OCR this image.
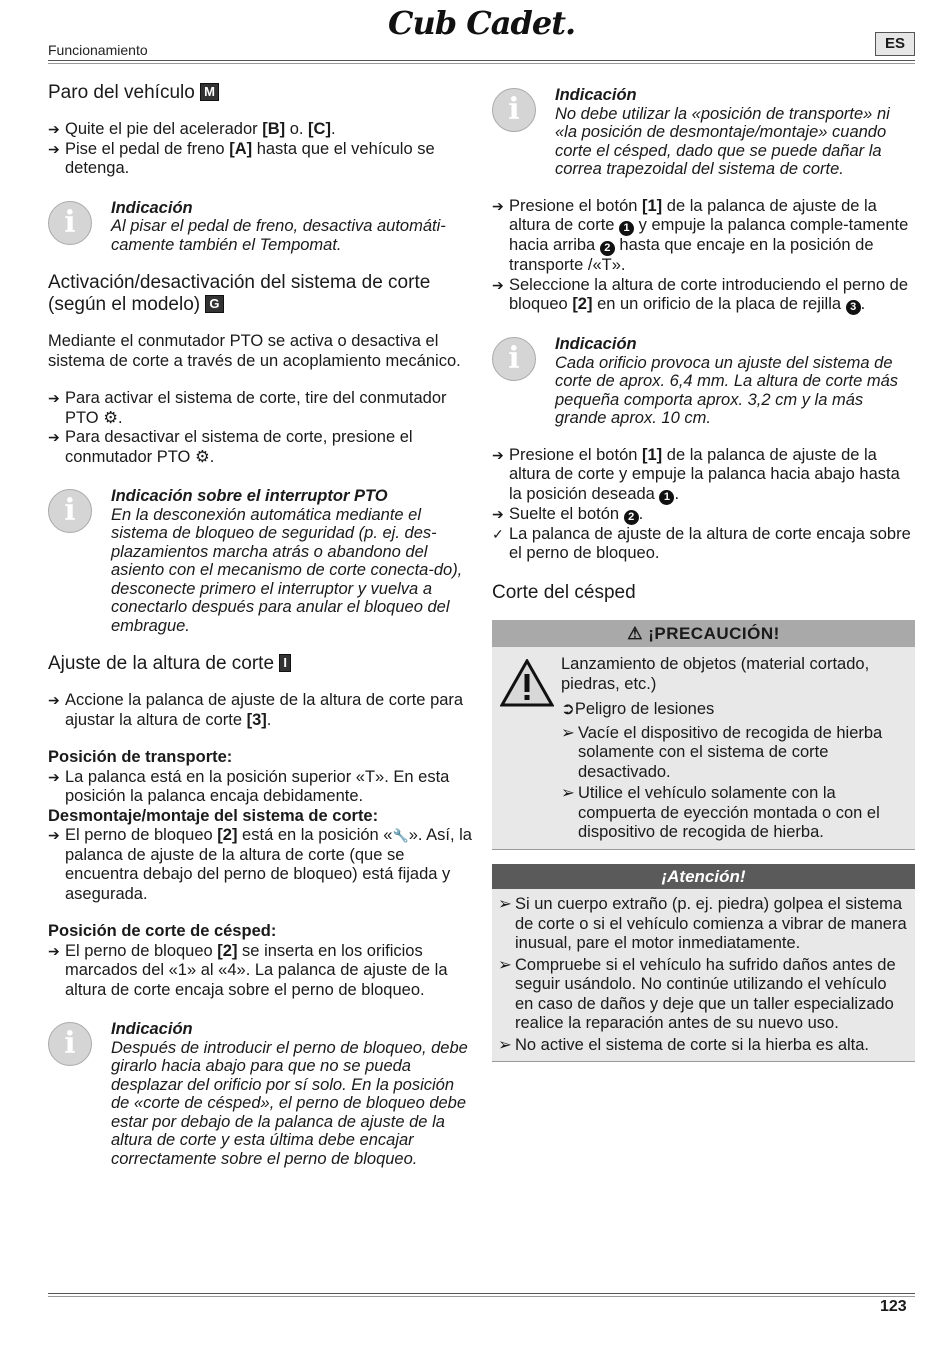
Cub Cadet.
Funcionamiento	ES
Paro del vehículo M
➔ Quite el pie del acelerador [B] o. [C].
➔ Pise el pedal de freno [A] hasta que el vehículo se detenga.
i	Indicación
Al pisar el pedal de freno, desactiva automáti-camente también el Tempomat.
Activación/desactivación del sistema de corte (según el modelo) G

Mediante el conmutador PTO se activa o desactiva el sistema de corte a través de un acoplamiento mecánico.

➔ Para activar el sistema de corte, tire del conmutador PTO ⚙.
➔ Para desactivar el sistema de corte, presione el conmutador PTO ⚙.
i	Indicación sobre el interruptor PTO
En la desconexión automática mediante el sistema de bloqueo de seguridad (p. ej. des-plazamientos marcha atrás o abandono del asiento con el mecanismo de corte conecta-do), desconecte primero el interruptor y vuelva a conectarlo después para anular el bloqueo del embrague.
Ajuste de la altura de corte I
➔ Accione la palanca de ajuste de la altura de corte para ajustar la altura de corte [3].
Posición de transporte:
➔ La palanca está en la posición superior «T». En esta posición la palanca encaja debidamente.
Desmontaje/montaje del sistema de corte:
➔ El perno de bloqueo [2] está en la posición «🔧». Así, la palanca de ajuste de la altura de corte (que se encuentra debajo del perno de bloqueo) está fijada y asegurada.
Posición de corte de césped:
➔ El perno de bloqueo [2] se inserta en los orificios marcados del «1» al «4». La palanca de ajuste de la altura de corte encaja sobre el perno de bloqueo.
i	Indicación
Después de introducir el perno de bloqueo, debe girarlo hacia abajo para que no se pueda desplazar del orificio por sí solo. En la posición de «corte de césped», el perno de bloqueo debe estar por debajo de la palanca de ajuste de la altura de corte y esta última debe encajar correctamente sobre el perno de bloqueo.
i	Indicación
No debe utilizar la «posición de transporte» ni «la posición de desmontaje/montaje» cuando corte el césped, dado que se puede dañar la correa trapezoidal del sistema de corte.
➔ Presione el botón [1] de la palanca de ajuste de la altura de corte 1 y empuje la palanca comple-tamente hacia arriba 2 hasta que encaje en la posición de transporte /«T».
➔ Seleccione la altura de corte introduciendo el perno de bloqueo [2] en un orificio de la placa de rejilla 3 .
i	Indicación
Cada orificio provoca un ajuste del sistema de corte de aprox. 6,4 mm. La altura de corte más pequeña comporta aprox. 3,2 cm y la más grande aprox. 10 cm.
➔ Presione el botón [1] de la palanca de ajuste de la altura de corte y empuje la palanca hacia abajo hasta la posición deseada 1 .
➔ Suelte el botón 2 .
✓ La palanca de ajuste de la altura de corte encaja sobre el perno de bloqueo.
Corte del césped
⚠ ¡PRECAUCIÓN!
Lanzamiento de objetos (material cortado, piedras, etc.)
➲Peligro de lesiones
➢ Vacíe el dispositivo de recogida de hierba solamente con el sistema de corte desactivado.
➢ Utilice el vehículo solamente con la compuerta de eyección montada o con el dispositivo de recogida de hierba.
¡Atención!
➢ Si un cuerpo extraño (p. ej. piedra) golpea el sistema de corte o si el vehículo comienza a vibrar de manera inusual, pare el motor inmediatamente.
➢ Compruebe si el vehículo ha sufrido daños antes de seguir usándolo. No continúe utilizando el vehículo en caso de daños y deje que un taller especializado realice la reparación antes de su nuevo uso.
➢ No active el sistema de corte si la hierba es alta.
123
